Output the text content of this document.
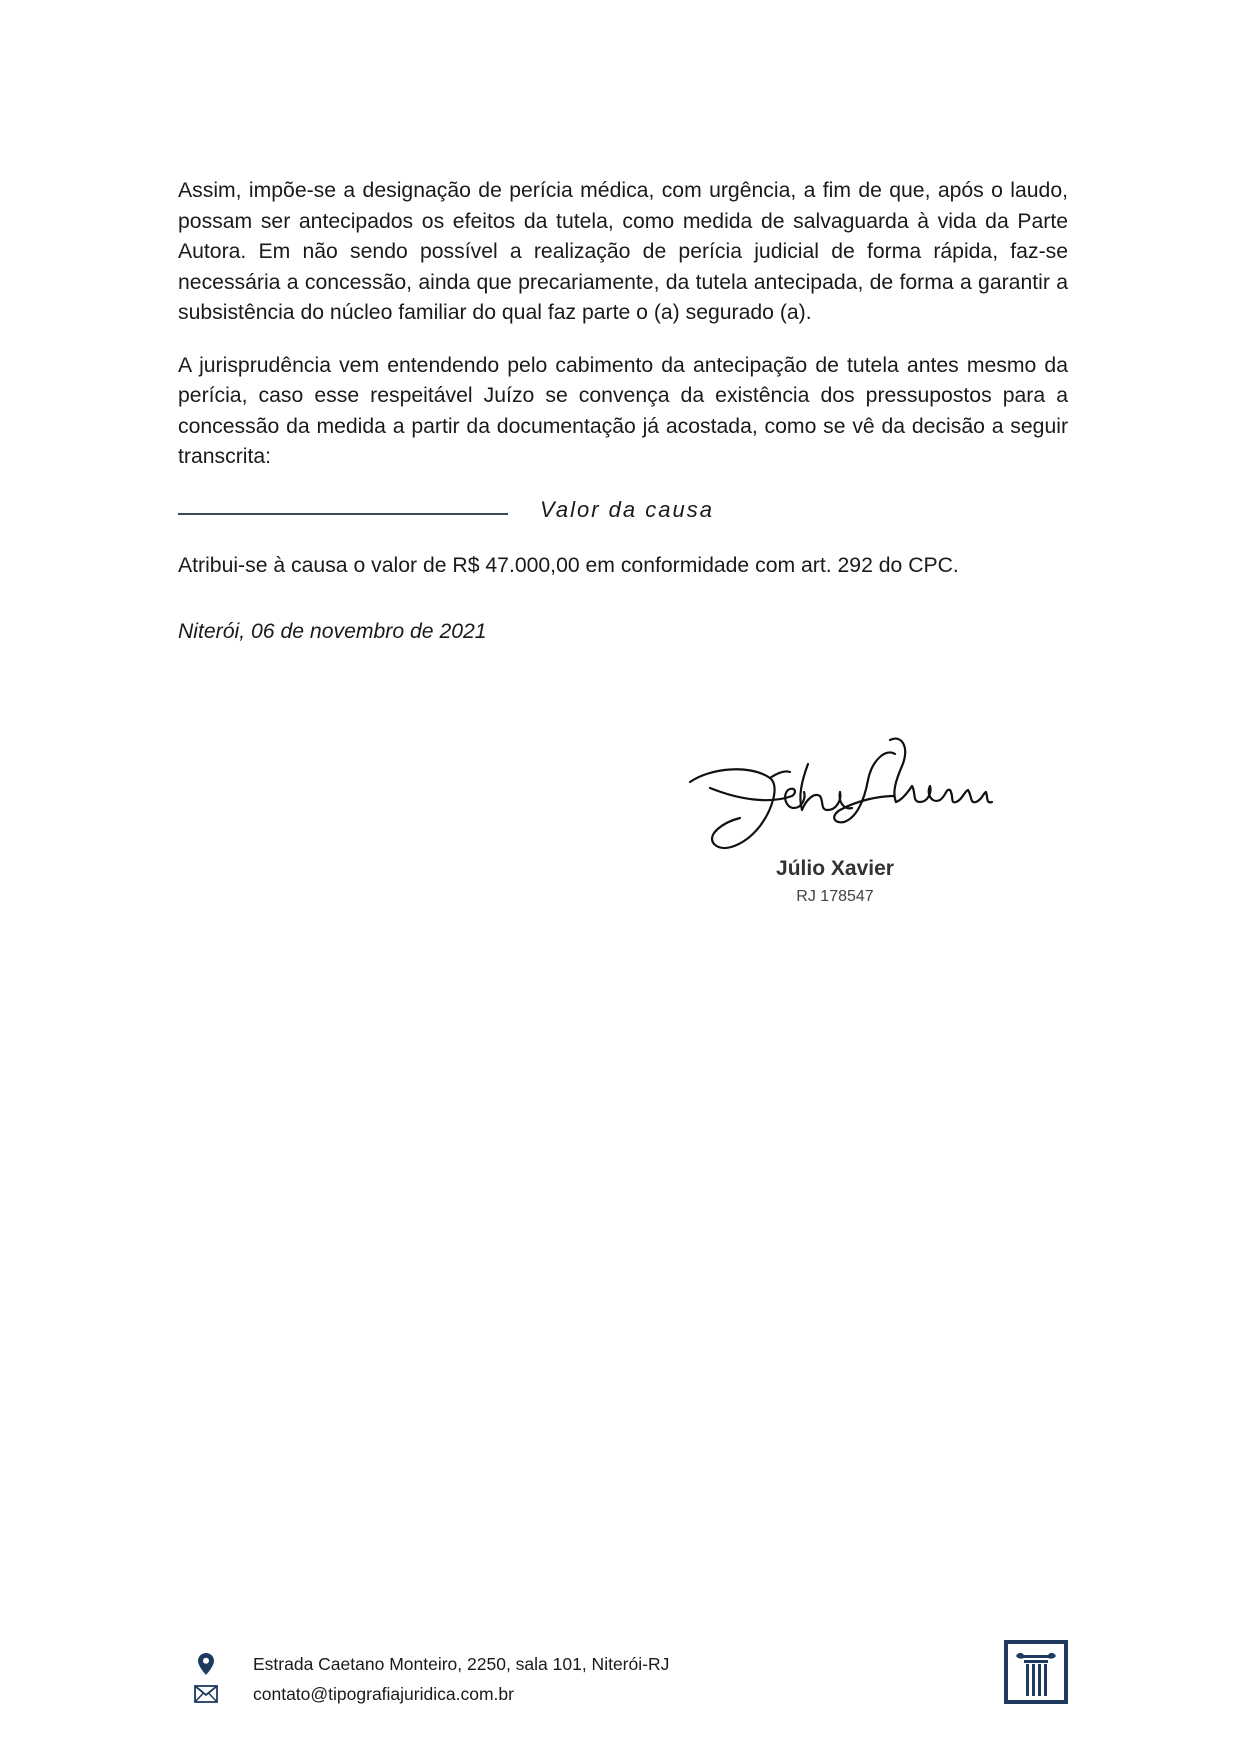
Assim, impõe-se a designação de perícia médica, com urgência, a fim de que, após o laudo, possam ser antecipados os efeitos da tutela, como medida de salvaguarda à vida da Parte Autora. Em não sendo possível a realização de perícia judicial de forma rápida, faz-se necessária a concessão, ainda que precariamente, da tutela antecipada, de forma a garantir a subsistência do núcleo familiar do qual faz parte o (a) segurado (a).

A jurisprudência vem entendendo pelo cabimento da antecipação de tutela antes mesmo da perícia, caso esse respeitável Juízo se convença da existência dos pressupostos para a concessão da medida a partir da documentação já acostada, como se vê da decisão a seguir transcrita:

Valor da causa

Atribui-se à causa o valor de R$ 47.000,00 em conformidade com art. 292 do CPC.

Niterói, 06 de novembro de 2021

Júlio Xavier
RJ 178547
Estrada Caetano Monteiro, 2250, sala 101, Niterói-RJ
contato@tipografiajuridica.com.br
